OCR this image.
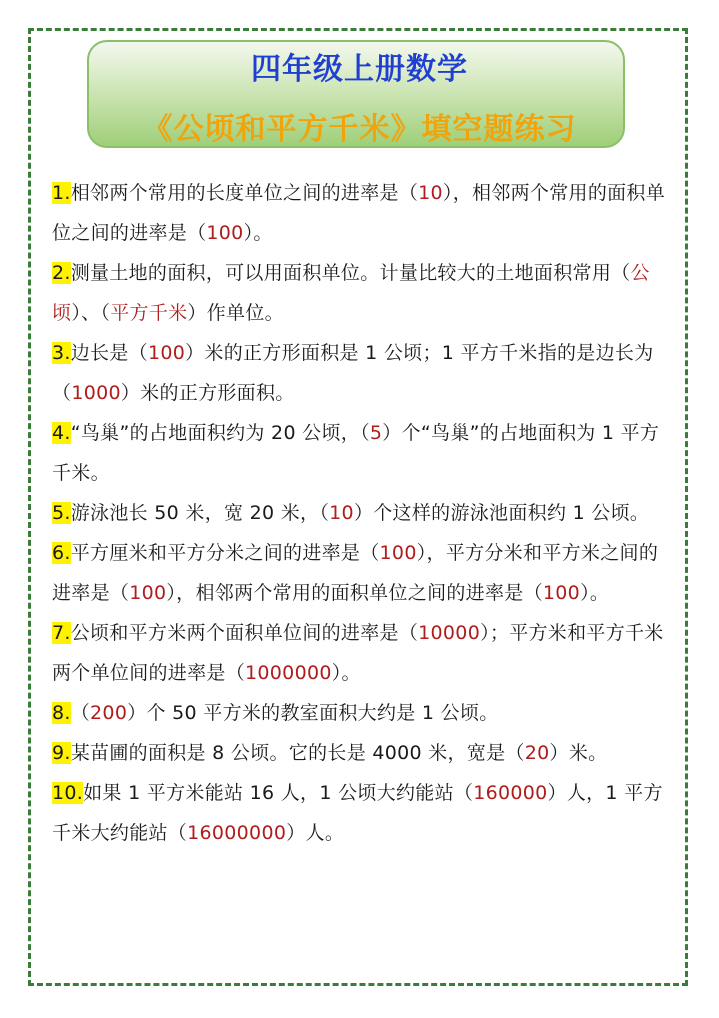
四年级上册数学
《公顷和平方千米》填空题练习

1.相邻两个常用的长度单位之间的进率是（10），相邻两个常用的面积单位之间的进率是（100）。

2.测量土地的面积，可以用面积单位。计量比较大的土地面积常用（公顷）、（平方千米）作单位。

3.边长是（100）米的正方形面积是 1 公顷；1 平方千米指的是边长为（1000）米的正方形面积。

4.“鸟巢”的占地面积约为 20 公顷，（5）个“鸟巢”的占地面积为 1 平方千米。

5.游泳池长 50 米，宽 20 米，（10）个这样的游泳池面积约 1 公顷。

6.平方厘米和平方分米之间的进率是（100），平方分米和平方米之间的进率是（100），相邻两个常用的面积单位之间的进率是（100）。

7.公顷和平方米两个面积单位间的进率是（10000）；平方米和平方千米两个单位间的进率是（1000000）。

8.（200）个 50 平方米的教室面积大约是 1 公顷。

9.某苗圃的面积是 8 公顷。它的长是 4000 米，宽是（20）米。

10.如果 1 平方米能站 16 人，1 公顷大约能站（160000）人，1 平方千米大约能站（16000000）人。
